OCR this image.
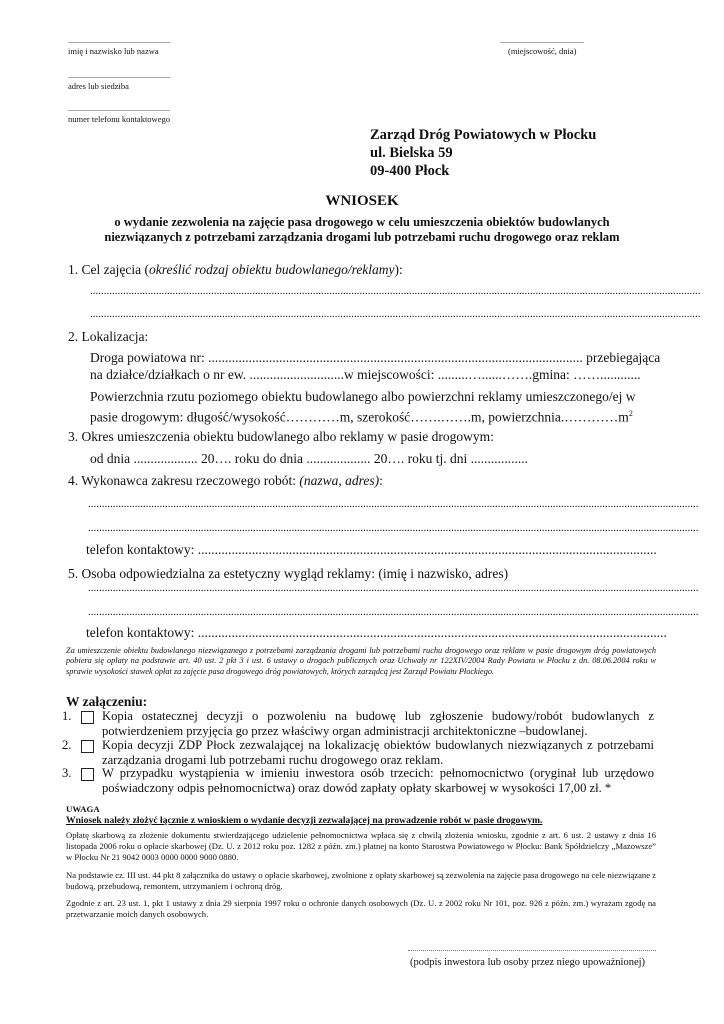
...................................................
imię i nazwisko lub nazwa
...................................................
adres lub siedziba
...................................................
numer telefonu kontaktowego
..........................................
(miejscowość, dnia)
Zarząd Dróg Powiatowych w Płocku
ul. Bielska 59
09-400 Płock
WNIOSEK
o wydanie zezwolenia na zajęcie pasa drogowego w celu umieszczenia obiektów budowlanych
niezwiązanych z potrzebami zarządzania drogami lub potrzebami ruchu drogowego oraz reklam
1. Cel zajęcia (określić rodzaj obiektu budowlanego/reklamy):
..............................................................................................................................................................................................................................
..............................................................................................................................................................................................................................
2. Lokalizacja:
Droga powiatowa nr: ............................................................................................................... przebiegająca
na działce/działkach o nr ew. ............................w miejscowości: .........…......…….gmina: ……............
Powierzchnia rzutu poziomego obiektu budowlanego albo powierzchni reklamy umieszczonego/ej w
pasie drogowym: długość/wysokość…………m, szerokość…….…….m, $powierzchnia.\dots\dots\dots\dots m^2$
3. Okres umieszczenia obiektu budowlanego albo reklamy w pasie drogowym:
od dnia ................... 20…. roku do dnia ................... 20…. roku tj. dni .................
4. Wykonawca zakresu rzeczowego robót: (nazwa, adres):
..............................................................................................................................................................................................................................
..............................................................................................................................................................................................................................
telefon kontaktowy: ........................................................................................................................................
5. Osoba odpowiedzialna za estetyczny wygląd reklamy: (imię i nazwisko, adres)
..............................................................................................................................................................................................................................
..............................................................................................................................................................................................................................
telefon kontaktowy: ...........................................................................................................................................
Za umieszczenie obiektu budowlanego niezwiązanego z potrzebami zarządzania drogami lub potrzebami ruchu drogowego oraz reklam w pasie drogowym dróg powiatowych pobiera się opłaty na podstawie art. 40 ust. 2 pkt 3 i ust. 6 ustawy o drogach publicznych oraz Uchwały nr 122XIV/2004 Rady Powiatu w Płocku z dn. 08.06.2004 roku w sprawie wysokości stawek opłat za zajęcie pasa drogowego dróg powiatowych, których zarządcą jest Zarząd Powiatu Płockiego.
W załączeniu:
1. Kopia ostatecznej decyzji o pozwoleniu na budowę lub zgłoszenie budowy/robót budowlanych z potwierdzeniem przyjęcia go przez właściwy organ administracji architektoniczne –budowlanej.
2. Kopia decyzji ZDP Płock zezwalającej na lokalizację obiektów budowlanych niezwiązanych z potrzebami zarządzania drogami lub potrzebami ruchu drogowego oraz reklam.
3. W przypadku wystąpienia w imieniu inwestora osób trzecich: pełnomocnictwo (oryginał lub urzędowo poświadczony odpis pełnomocnictwa) oraz dowód zapłaty opłaty skarbowej w wysokości 17,00 zł. *
UWAGA
Wniosek należy złożyć łącznie z wnioskiem o wydanie decyzji zezwalającej na prowadzenie robót w pasie drogowym.
Opłatę skarbową za złożenie dokumentu stwierdzającego udzielenie pełnomocnictwa wpłaca się z chwilą złożenia wniosku, zgodnie z art. 6 ust. 2 ustawy z dnia 16 listopada 2006 roku o opłacie skarbowej (Dz. U. z 2012 roku poz. 1282 z późn. zm.) płatnej na konto Starostwa Powiatowego w Płocku: Bank Spółdzielczy „Mazowsze” w Płocku Nr 21 9042 0003 0000 0000 9000 0880.
Na podstawie cz. III ust. 44 pkt 8 załącznika do ustawy o opłacie skarbowej, zwolnione z opłaty skarbowej są zezwolenia na zajęcie pasa drogowego na cele niezwiązane z budową, przebudową, remontem, utrzymaniem i ochroną dróg.
Zgodnie z art. 23 ust. 1, pkt 1 ustawy z dnia 29 sierpnia 1997 roku o ochronie danych osobowych (Dz. U. z 2002 roku Nr 101, poz. 926 z późn. zm.) wyrażam zgodę na przetwarzanie moich danych osobowych.
(podpis inwestora lub osoby przez niego upoważnionej)
